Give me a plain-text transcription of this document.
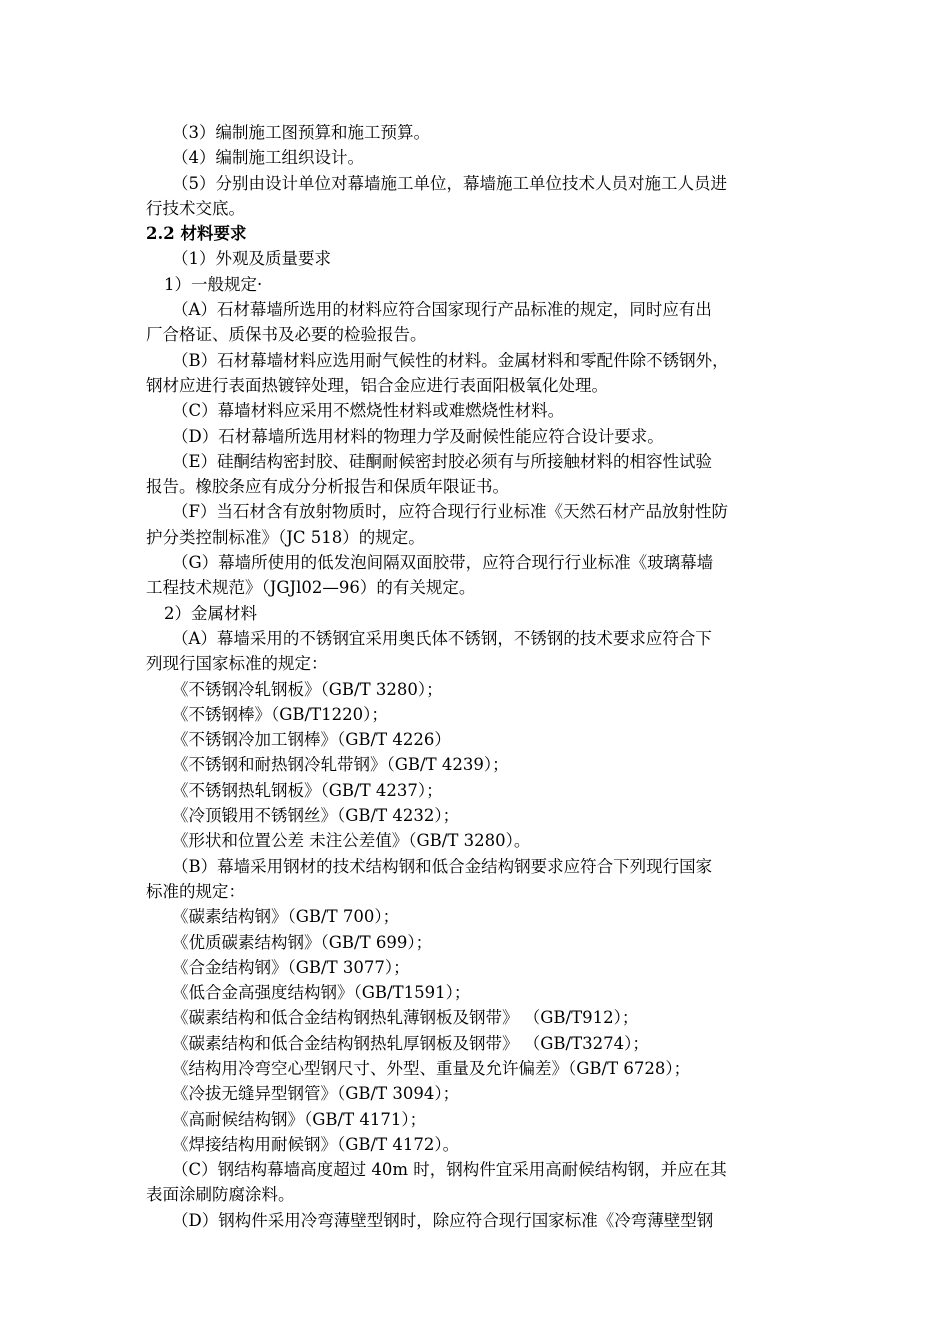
（3）编制施工图预算和施工预算。

（4）编制施工组织设计。

（5）分别由设计单位对幕墙施工单位，幕墙施工单位技术人员对施工人员进

行技术交底。

2.2 材料要求

（1）外观及质量要求

1）一般规定·

（A）石材幕墙所选用的材料应符合国家现行产品标准的规定，同时应有出

厂合格证、质保书及必要的检验报告。

（B）石材幕墙材料应选用耐气候性的材料。金属材料和零配件除不锈钢外，

钢材应进行表面热镀锌处理，铝合金应进行表面阳极氧化处理。

（C）幕墙材料应采用不燃烧性材料或难燃烧性材料。

（D）石材幕墙所选用材料的物理力学及耐候性能应符合设计要求。

（E）硅酮结构密封胶、硅酮耐候密封胶必须有与所接触材料的相容性试验

报告。橡胶条应有成分分析报告和保质年限证书。

（F）当石材含有放射物质时，应符合现行行业标准《天然石材产品放射性防

护分类控制标准》（JC 518）的规定。

（G）幕墙所使用的低发泡间隔双面胶带，应符合现行行业标准《玻璃幕墙

工程技术规范》（JGJl02—96）的有关规定。

2）金属材料

（A）幕墙采用的不锈钢宜采用奥氏体不锈钢，不锈钢的技术要求应符合下

列现行国家标准的规定：

《不锈钢冷轧钢板》（GB/T 3280）；

《不锈钢棒》（GB/T1220）；

《不锈钢冷加工钢棒》（GB/T 4226）

《不锈钢和耐热钢冷轧带钢》（GB/T 4239）；

《不锈钢热轧钢板》（GB/T 4237）；

《冷顶锻用不锈钢丝》（GB/T 4232）；

《形状和位置公差 未注公差值》（GB/T 3280）。

（B）幕墙采用钢材的技术结构钢和低合金结构钢要求应符合下列现行国家

标准的规定：

《碳素结构钢》（GB/T 700）；

《优质碳素结构钢》（GB/T 699）；

《合金结构钢》（GB/T 3077）；

《低合金高强度结构钢》（GB/T1591）；

《碳素结构和低合金结构钢热轧薄钢板及钢带》 （GB/T912）；

《碳素结构和低合金结构钢热轧厚钢板及钢带》 （GB/T3274）；

《结构用冷弯空心型钢尺寸、外型、重量及允许偏差》（GB/T 6728）；

《冷拔无缝异型钢管》（GB/T 3094）；

《高耐候结构钢》（GB/T 4171）；

《焊接结构用耐候钢》（GB/T 4172）。

（C）钢结构幕墙高度超过 40m 时，钢构件宜采用高耐候结构钢，并应在其

表面涂刷防腐涂料。

（D）钢构件采用冷弯薄壁型钢时，除应符合现行国家标准《冷弯薄壁型钢
